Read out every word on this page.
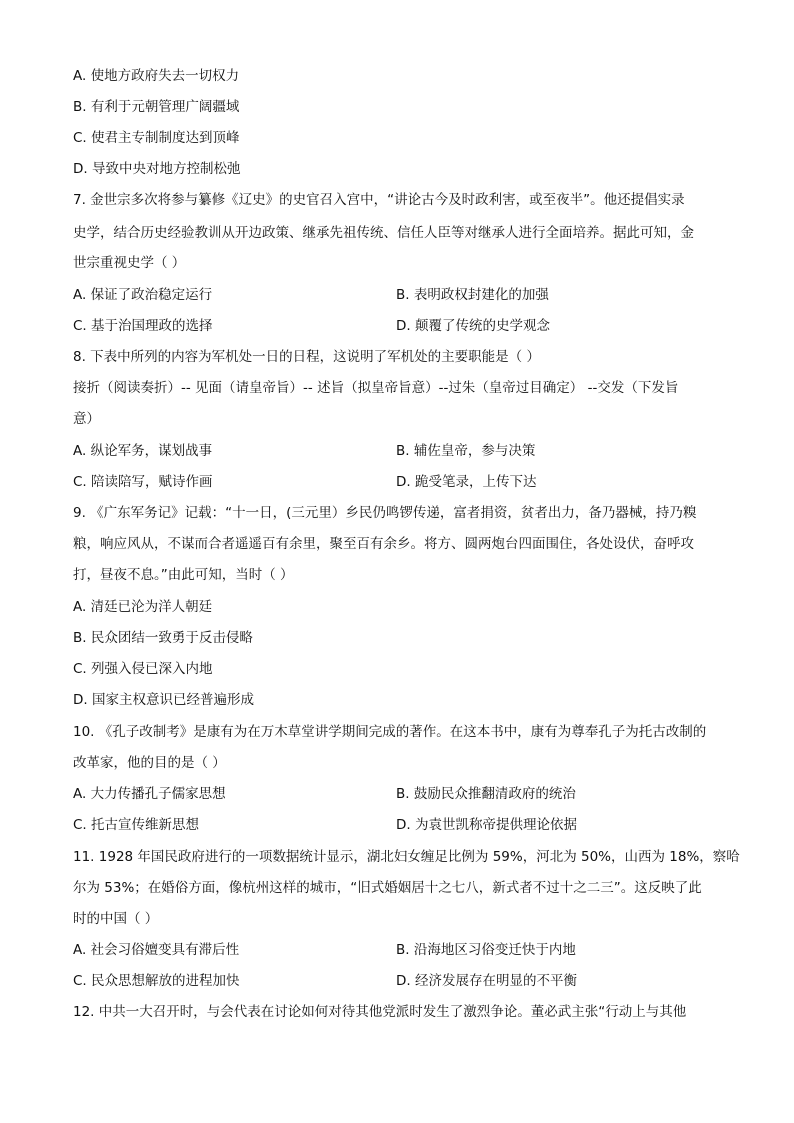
A. 使地方政府失去一切权力
B. 有利于元朝管理广阔疆域
C. 使君主专制制度达到顶峰
D. 导致中央对地方控制松弛
7. 金世宗多次将参与纂修《辽史》的史官召入宫中，“讲论古今及时政利害，或至夜半”。他还提倡实录
史学，结合历史经验教训从开边政策、继承先祖传统、信任人臣等对继承人进行全面培养。据此可知，金
世宗重视史学（ ）
A. 保证了政治稳定运行	B. 表明政权封建化的加强
C. 基于治国理政的选择	D. 颠覆了传统的史学观念
8. 下表中所列的内容为军机处一日的日程，这说明了军机处的主要职能是（ ）
接折（阅读奏折）-- 见面（请皇帝旨）-- 述旨（拟皇帝旨意）--过朱（皇帝过目确定） --交发（下发旨
意）
A. 纵论军务，谋划战事	B. 辅佐皇帝，参与决策
C. 陪读陪写，赋诗作画	D. 跪受笔录，上传下达
9. 《广东军务记》记载：“十一日，(三元里）乡民仍鸣锣传递，富者捐资，贫者出力，备乃器械，持乃糗
粮，响应风从，不谋而合者遥遥百有余里，聚至百有余乡。将方、圆两炮台四面围住，各处设伏，奋呼攻
打，昼夜不息。”由此可知，当时（ ）
A. 清廷已沦为洋人朝廷
B. 民众团结一致勇于反击侵略
C. 列强入侵已深入内地
D. 国家主权意识已经普遍形成
10. 《孔子改制考》是康有为在万木草堂讲学期间完成的著作。在这本书中，康有为尊奉孔子为托古改制的
改革家，他的目的是（ ）
A. 大力传播孔子儒家思想	B. 鼓励民众推翻清政府的统治
C. 托古宣传维新思想	D. 为袁世凯称帝提供理论依据
11. 1928 年国民政府进行的一项数据统计显示，湖北妇女缠足比例为 59%，河北为 50%，山西为 18%，察哈
尔为 53%；在婚俗方面，像杭州这样的城市，“旧式婚姻居十之七八，新式者不过十之二三”。这反映了此
时的中国（ ）
A. 社会习俗嬗变具有滞后性	B. 沿海地区习俗变迁快于内地
C. 民众思想解放的进程加快	D. 经济发展存在明显的不平衡
12. 中共一大召开时，与会代表在讨论如何对待其他党派时发生了激烈争论。董必武主张“行动上与其他
